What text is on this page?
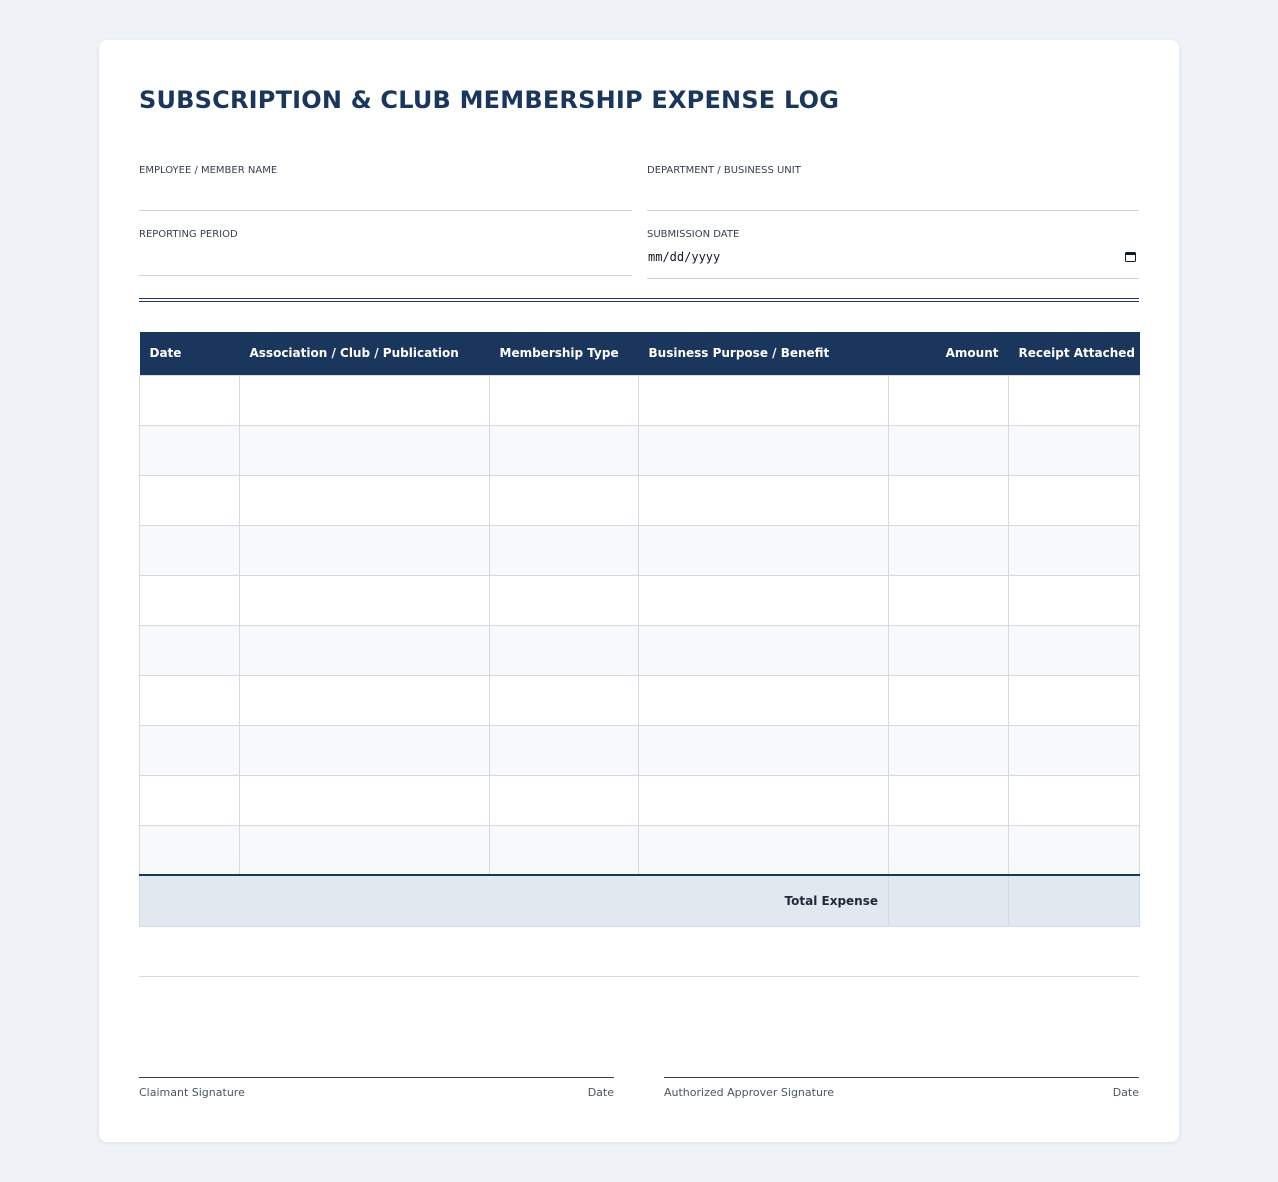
SUBSCRIPTION & CLUB MEMBERSHIP EXPENSE LOG
EMPLOYEE / MEMBER NAME	DEPARTMENT / BUSINESS UNIT
REPORTING PERIOD	SUBMISSION DATE
mm/dd/yyyy
Date	Association / Club / Publication	Membership Type	Business Purpose / Benefit	Amount	Receipt Attached

Total Expense					
Claimant Signature	Date	Authorized Approver Signature	Date
